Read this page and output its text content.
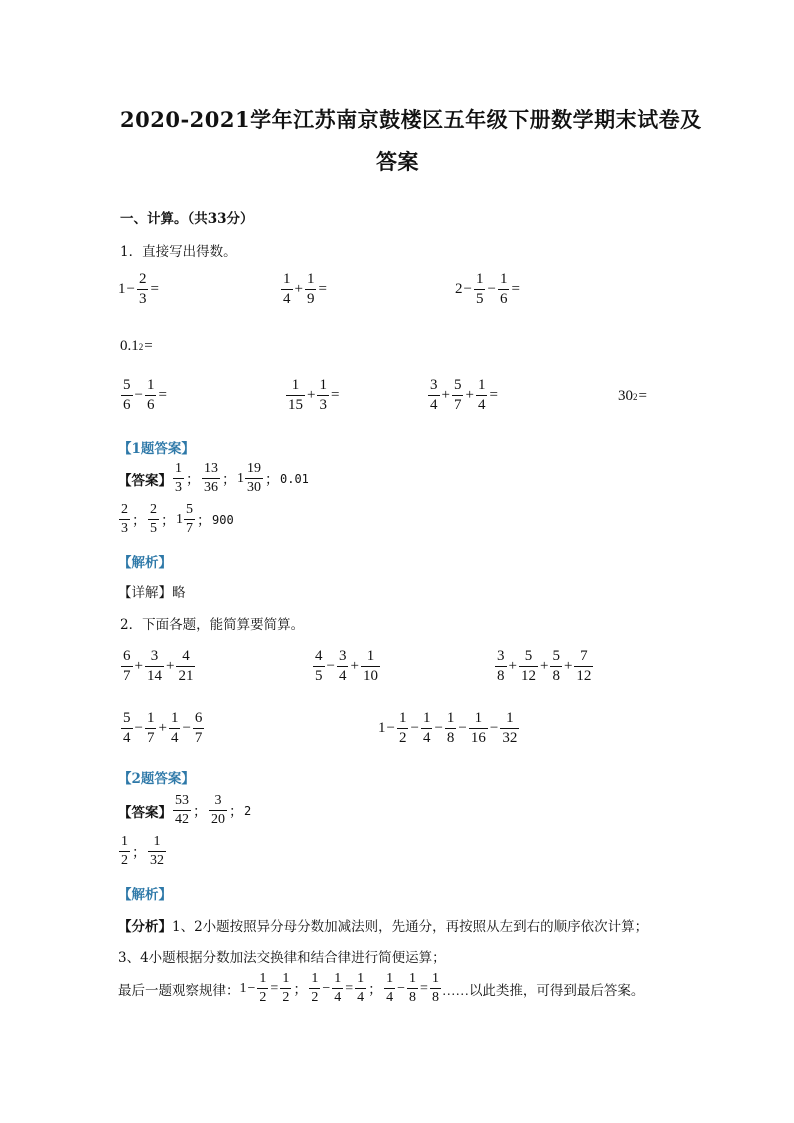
2020-2021学年江苏南京鼓楼区五年级下册数学期末试卷及
答案
一、计算。（共33分）
1．直接写出得数。
$1 - \frac{2}{3}$ =	$\frac{1}{4} + \frac{1}{9}$ =	$2 - \frac{1}{5} - \frac{1}{6}$ =
0.1 2 =
$\frac{5}{6} - \frac{1}{6}$ =	$\frac{1}{15} + \frac{1}{3}$ =	$\frac{3}{4} + \frac{5}{7} + \frac{1}{4}$ =	30 2 =
【1题答案】
【答案】 $\frac{1}{3}$ ； $\frac{13}{36}$ ； $1 \frac{19}{30}$ ； 0.01
$\frac{2}{3}$ ； $\frac{2}{5}$ ； $1 \frac{5}{7}$ ； 900
【解析】
【详解】略
2．下面各题，能简算要简算。
$\frac{6}{7} + \frac{3}{14} + \frac{4}{21}$	$\frac{4}{5} - \frac{3}{4} + \frac{1}{10}$	$\frac{3}{8} + \frac{5}{12} + \frac{5}{8} + \frac{7}{12}$
$\frac{5}{4} - \frac{1}{7} + \frac{1}{4} - \frac{6}{7}$	$1 - \frac{1}{2} - \frac{1}{4} - \frac{1}{8} - \frac{1}{16} - \frac{1}{32}$
【2题答案】
【答案】 $\frac{53}{42}$ ； $\frac{3}{20}$ ； 2
$\frac{1}{2}$ ； $\frac{1}{32}$
【解析】
【分析】1、2小题按照异分母分数加减法则，先通分，再按照从左到右的顺序依次计算；
3、4小题根据分数加法交换律和结合律进行简便运算；
最后一题观察规律： $1 - \frac{1}{2} = \frac{1}{2}$ ； $\frac{1}{2} - \frac{1}{4} = \frac{1}{4}$ ； $\frac{1}{4} - \frac{1}{8} = \frac{1}{8}$ ……以此类推，可得到最后答案。
